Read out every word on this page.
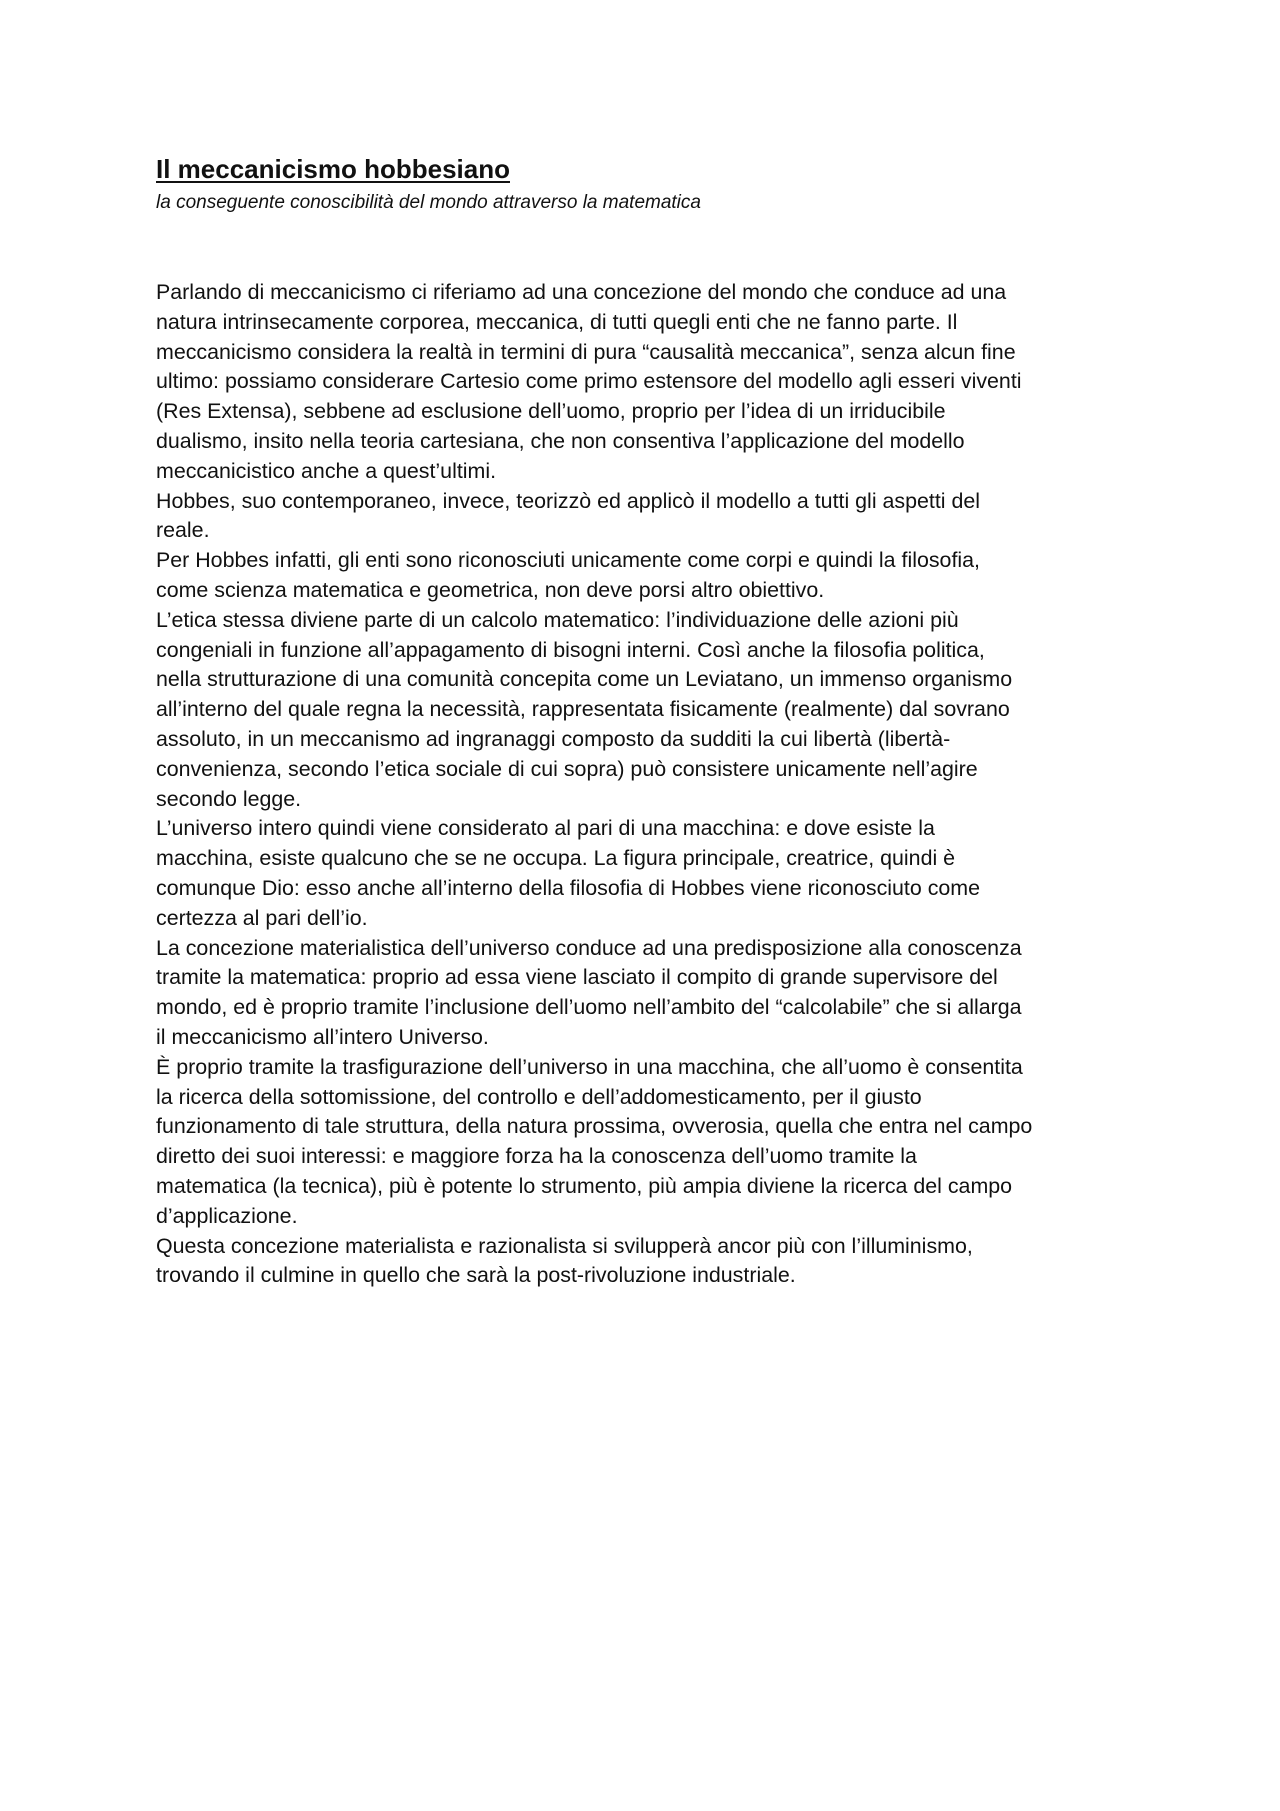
Il meccanicismo hobbesiano

la conseguente conoscibilità del mondo attraverso la matematica

Parlando di meccanicismo ci riferiamo ad una concezione del mondo che conduce ad una
natura intrinsecamente corporea, meccanica, di tutti quegli enti che ne fanno parte. Il
meccanicismo considera la realtà in termini di pura “causalità meccanica”, senza alcun fine
ultimo: possiamo considerare Cartesio come primo estensore del modello agli esseri viventi
(Res Extensa), sebbene ad esclusione dell’uomo, proprio per l’idea di un irriducibile
dualismo, insito nella teoria cartesiana, che non consentiva l’applicazione del modello
meccanicistico anche a quest’ultimi.
Hobbes, suo contemporaneo, invece, teorizzò ed applicò il modello a tutti gli aspetti del
reale.
Per Hobbes infatti, gli enti sono riconosciuti unicamente come corpi e quindi la filosofia,
come scienza matematica e geometrica, non deve porsi altro obiettivo.
L’etica stessa diviene parte di un calcolo matematico: l’individuazione delle azioni più
congeniali in funzione all’appagamento di bisogni interni. Così anche la filosofia politica,
nella strutturazione di una comunità concepita come un Leviatano, un immenso organismo
all’interno del quale regna la necessità, rappresentata fisicamente (realmente) dal sovrano
assoluto, in un meccanismo ad ingranaggi composto da sudditi la cui libertà (libertà-
convenienza, secondo l’etica sociale di cui sopra) può consistere unicamente nell’agire
secondo legge.
L’universo intero quindi viene considerato al pari di una macchina: e dove esiste la
macchina, esiste qualcuno che se ne occupa. La figura principale, creatrice, quindi è
comunque Dio: esso anche all’interno della filosofia di Hobbes viene riconosciuto come
certezza al pari dell’io.
La concezione materialistica dell’universo conduce ad una predisposizione alla conoscenza
tramite la matematica: proprio ad essa viene lasciato il compito di grande supervisore del
mondo, ed è proprio tramite l’inclusione dell’uomo nell’ambito del “calcolabile” che si allarga
il meccanicismo all’intero Universo.
È proprio tramite la trasfigurazione dell’universo in una macchina, che all’uomo è consentita
la ricerca della sottomissione, del controllo e dell’addomesticamento, per il giusto
funzionamento di tale struttura, della natura prossima, ovverosia, quella che entra nel campo
diretto dei suoi interessi: e maggiore forza ha la conoscenza dell’uomo tramite la
matematica (la tecnica), più è potente lo strumento, più ampia diviene la ricerca del campo
d’applicazione.
Questa concezione materialista e razionalista si svilupperà ancor più con l’illuminismo,
trovando il culmine in quello che sarà la post-rivoluzione industriale.
